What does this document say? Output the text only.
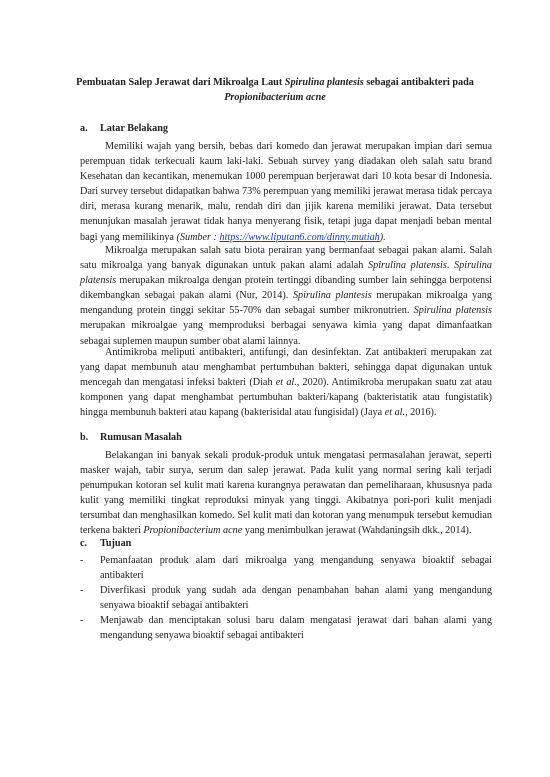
Pembuatan Salep Jerawat dari Mikroalga Laut Spirulina plantesis sebagai antibakteri pada
Propionibacterium acne
a. Latar Belakang

Memiliki wajah yang bersih, bebas dari komedo dan jerawat merupakan impian dari semua perempuan tidak terkecuali kaum laki-laki. Sebuah survey yang diadakan oleh salah satu brand Kesehatan dan kecantikan, menemukan 1000 perempuan berjerawat dari 10 kota besar di Indonesia. Dari survey tersebut didapatkan bahwa 73% perempuan yang memiliki jerawat merasa tidak percaya diri, merasa kurang menarik, malu, rendah diri dan jijik karena memiliki jerawat. Data tersebut menunjukan masalah jerawat tidak hanya menyerang fisik, tetapi juga dapat menjadi beban mental bagi yang memilikinya (Sumber : https://www.liputan6.com/dinny.mutiah).

Mikroalga merupakan salah satu biota perairan yang bermanfaat sebagai pakan alami. Salah satu mikroalga yang banyak digunakan untuk pakan alami adalah Spirulina platensis. Spirulina platensis merupakan mikroalga dengan protein tertinggi dibanding sumber lain sehingga berpotensi dikembangkan sebagai pakan alami (Nur, 2014). Spirulina plantesis merupakan mikroalga yang mengandung protein tinggi sekitar 55-70% dan sebagai sumber mikronutrien. Spirulina platensis merupakan mikroalgae yang memproduksi berbagai senyawa kimia yang dapat dimanfaatkan sebagai suplemen maupun sumber obat alami lainnya.

Antimikroba meliputi antibakteri, antifungi, dan desinfektan. Zat antibakteri merupakan zat yang dapat membunuh atau menghambat pertumbuhan bakteri, sehingga dapat digunakan untuk mencegah dan mengatasi infeksi bakteri (Diah et al., 2020). Antimikroba merupakan suatu zat atau komponen yang dapat menghambat pertumbuhan bakteri/kapang (bakteristatik atau fungistatik) hingga membunuh bakteri atau kapang (bakterisidal atau fungisidal) (Jaya et al., 2016).

b. Rumusan Masalah

Belakangan ini banyak sekali produk-produk untuk mengatasi permasalahan jerawat, seperti masker wajah, tabir surya, serum dan salep jerawat. Pada kulit yang normal sering kali terjadi penumpukan kotoran sel kulit mati karena kurangnya perawatan dan pemeliharaan, khususnya pada kulit yang memiliki tingkat reproduksi minyak yang tinggi. Akibatnya pori-pori kulit menjadi tersumbat dan menghasilkan komedo. Sel kulit mati dan kotoran yang menumpuk tersebut kemudian terkena bakteri Propionibacterium acne yang menimbulkan jerawat (Wahdaningsih dkk., 2014).

c. Tujuan

- Pemanfaatan produk alam dari mikroalga yang mengandung senyawa bioaktif sebagai antibakteri

- Diverfikasi produk yang sudah ada dengan penambahan bahan alami yang mengandung senyawa bioaktif sebagai antibakteri

- Menjawab dan menciptakan solusi baru dalam mengatasi jerawat dari bahan alami yang mengandung senyawa bioaktif sebagai antibakteri
